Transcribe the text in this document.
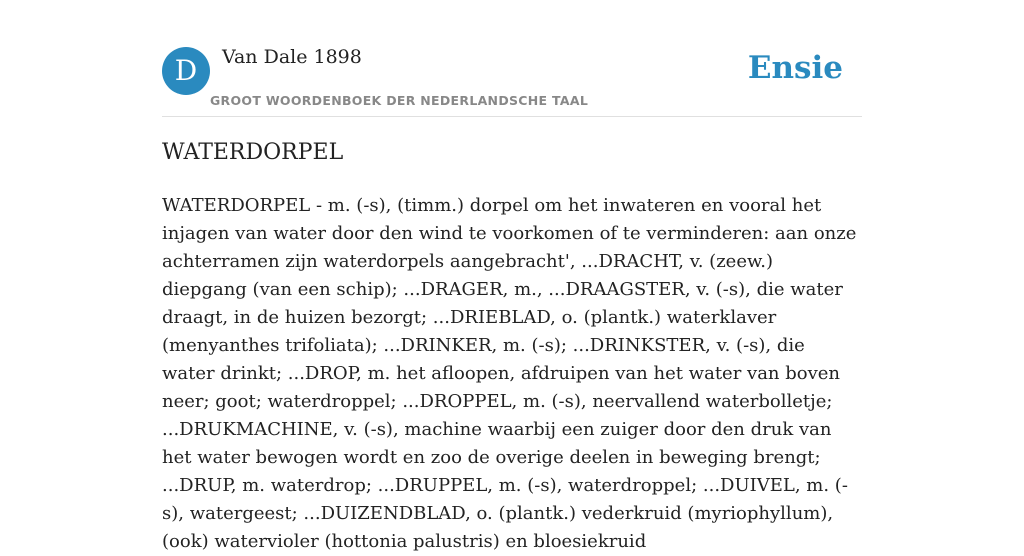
D	Van Dale 1898
GROOT WOORDENBOEK DER NEDERLANDSCHE TAAL
Ensie
WATERDORPEL

WATERDORPEL - m. (-s), (timm.) dorpel om het inwateren en vooral het injagen van water door den wind te voorkomen of te verminderen: aan onze achterramen zijn waterdorpels aangebracht', ...DRACHT, v. (zeew.) diepgang (van een schip); ...DRAGER, m., ...DRAAGSTER, v. (-s), die water draagt, in de huizen bezorgt; ...DRIEBLAD, o. (plantk.) waterklaver (menyanthes trifoliata); ...DRINKER, m. (-s); ...DRINKSTER, v. (-s), die water drinkt; ...DROP, m. het afloopen, afdruipen van het water van boven neer; goot; waterdroppel; ...DROPPEL, m. (-s), neervallend waterbolletje; ...DRUKMACHINE, v. (-s), machine waarbij een zuiger door den druk van het water bewogen wordt en zoo de overige deelen in beweging brengt; ...DRUP, m. waterdrop; ...DRUPPEL, m. (-s), waterdroppel; ...DUIVEL, m. (-s), watergeest; ...DUIZENDBLAD, o. (plantk.) vederkruid (myriophyllum), (ook) watervioler (hottonia palustris) en bloesiekruid
